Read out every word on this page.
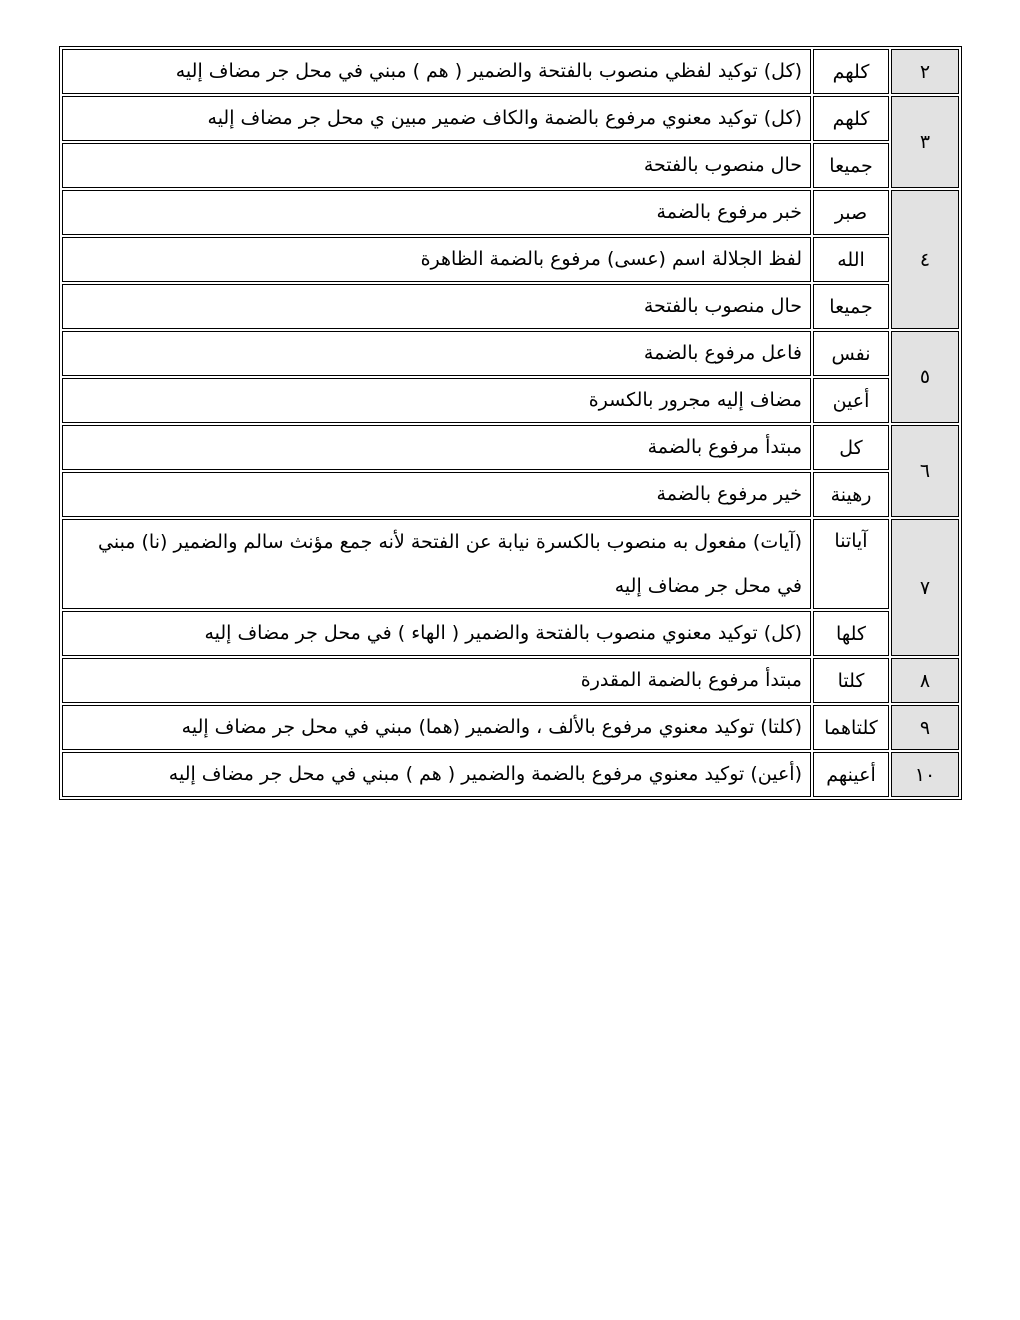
٢	كلهم	(كل) توكيد لفظي منصوب بالفتحة والضمير ( هم ) مبني في محل جر مضاف إليه
٣	كلهم	(كل) توكيد معنوي مرفوع بالضمة والكاف ضمير مبين ي محل جر مضاف إليه
	جميعا	حال منصوب بالفتحة
٤	صبر	خبر مرفوع بالضمة
	الله	لفظ الجلالة اسم (عسى) مرفوع بالضمة الظاهرة
	جميعا	حال منصوب بالفتحة
٥	نفس	فاعل مرفوع بالضمة
	أعين	مضاف إليه مجرور بالكسرة
٦	كل	مبتدأ مرفوع بالضمة
	رهينة	خير مرفوع بالضمة
٧	آياتنا	(آيات) مفعول به منصوب بالكسرة نيابة عن الفتحة لأنه جمع مؤنث سالم والضمير (نا) مبني في محل جر مضاف إليه
	كلها	(كل) توكيد معنوي منصوب بالفتحة والضمير ( الهاء ) في محل جر مضاف إليه
٨	كلتا	مبتدأ مرفوع بالضمة المقدرة
٩	كلتاهما	(كلتا) توكيد معنوي مرفوع بالألف ، والضمير (هما) مبني في محل جر مضاف إليه
١٠	أعينهم	(أعين) توكيد معنوي مرفوع بالضمة والضمير ( هم ) مبني في محل جر مضاف إليه
